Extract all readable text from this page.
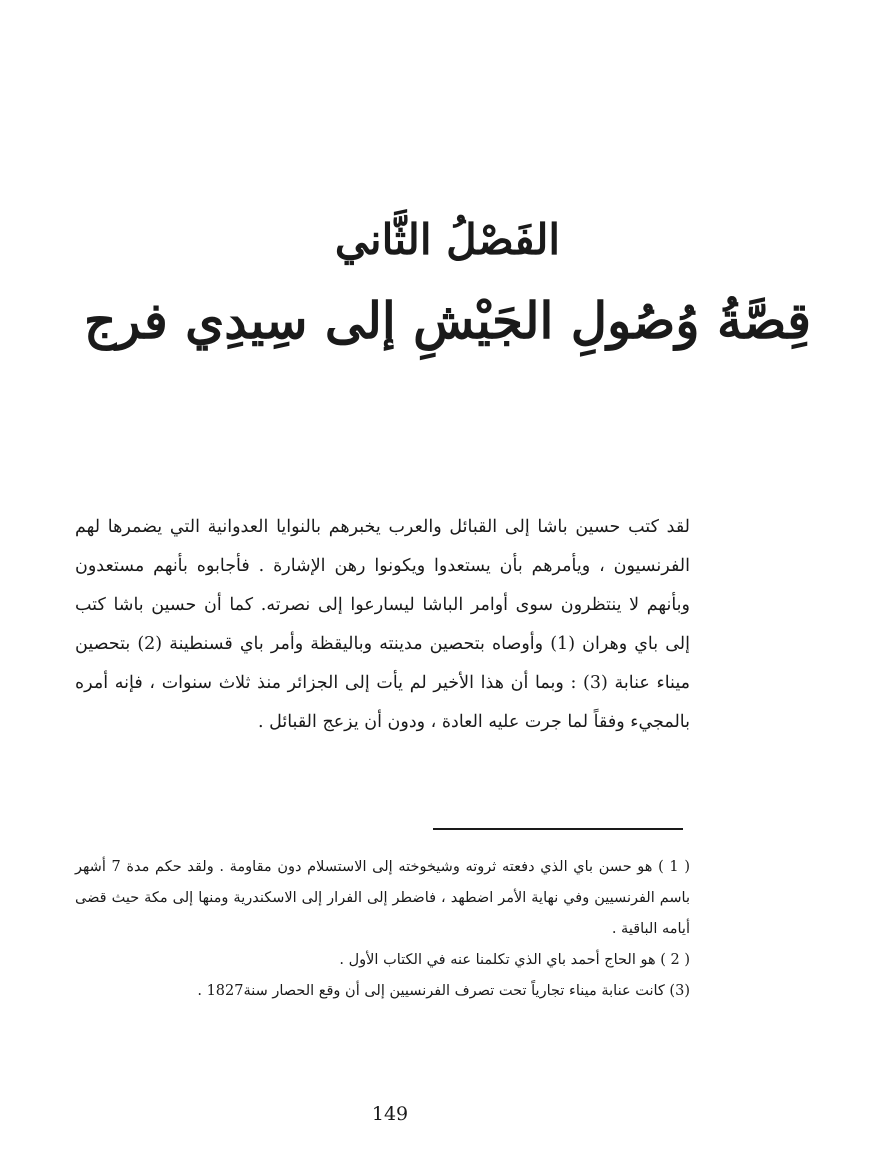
الفَصْلُ الثَّاني
قِصَّةُ وُصُولِ الجَيْشِ إلى سِيدِي فرج

لقد كتب حسين باشا إلى القبائل والعرب يخبرهم بالنوايا العدوانية التي يضمرها لهم الفرنسيون ، ويأمرهم بأن يستعدوا ويكونوا رهن الإشارة . فأجابوه بأنهم مستعدون وبأنهم لا ينتظرون سوى أوامر الباشا ليسارعوا إلى نصرته. كما أن حسين باشا كتب إلى باي وهران (1) وأوصاه بتحصين مدينته وباليقظة وأمر باي قسنطينة (2) بتحصين ميناء عنابة (3) : وبما أن هذا الأخير لم يأت إلى الجزائر منذ ثلاث سنوات ، فإنه أمره بالمجيء وفقاً لما جرت عليه العادة ، ودون أن يزعج القبائل .

( 1 ) هو حسن باي الذي دفعته ثروته وشيخوخته إلى الاستسلام دون مقاومة . ولقد حكم مدة 7 أشهر باسم الفرنسيين وفي نهاية الأمر اضطهد ، فاضطر إلى الفرار إلى الاسكندرية ومنها إلى مكة حيث قضى أيامه الباقية .

( 2 ) هو الحاج أحمد باي الذي تكلمنا عنه في الكتاب الأول .

(3) كانت عنابة ميناء تجارياً تحت تصرف الفرنسيين إلى أن وقع الحصار سنة1827 .

149
